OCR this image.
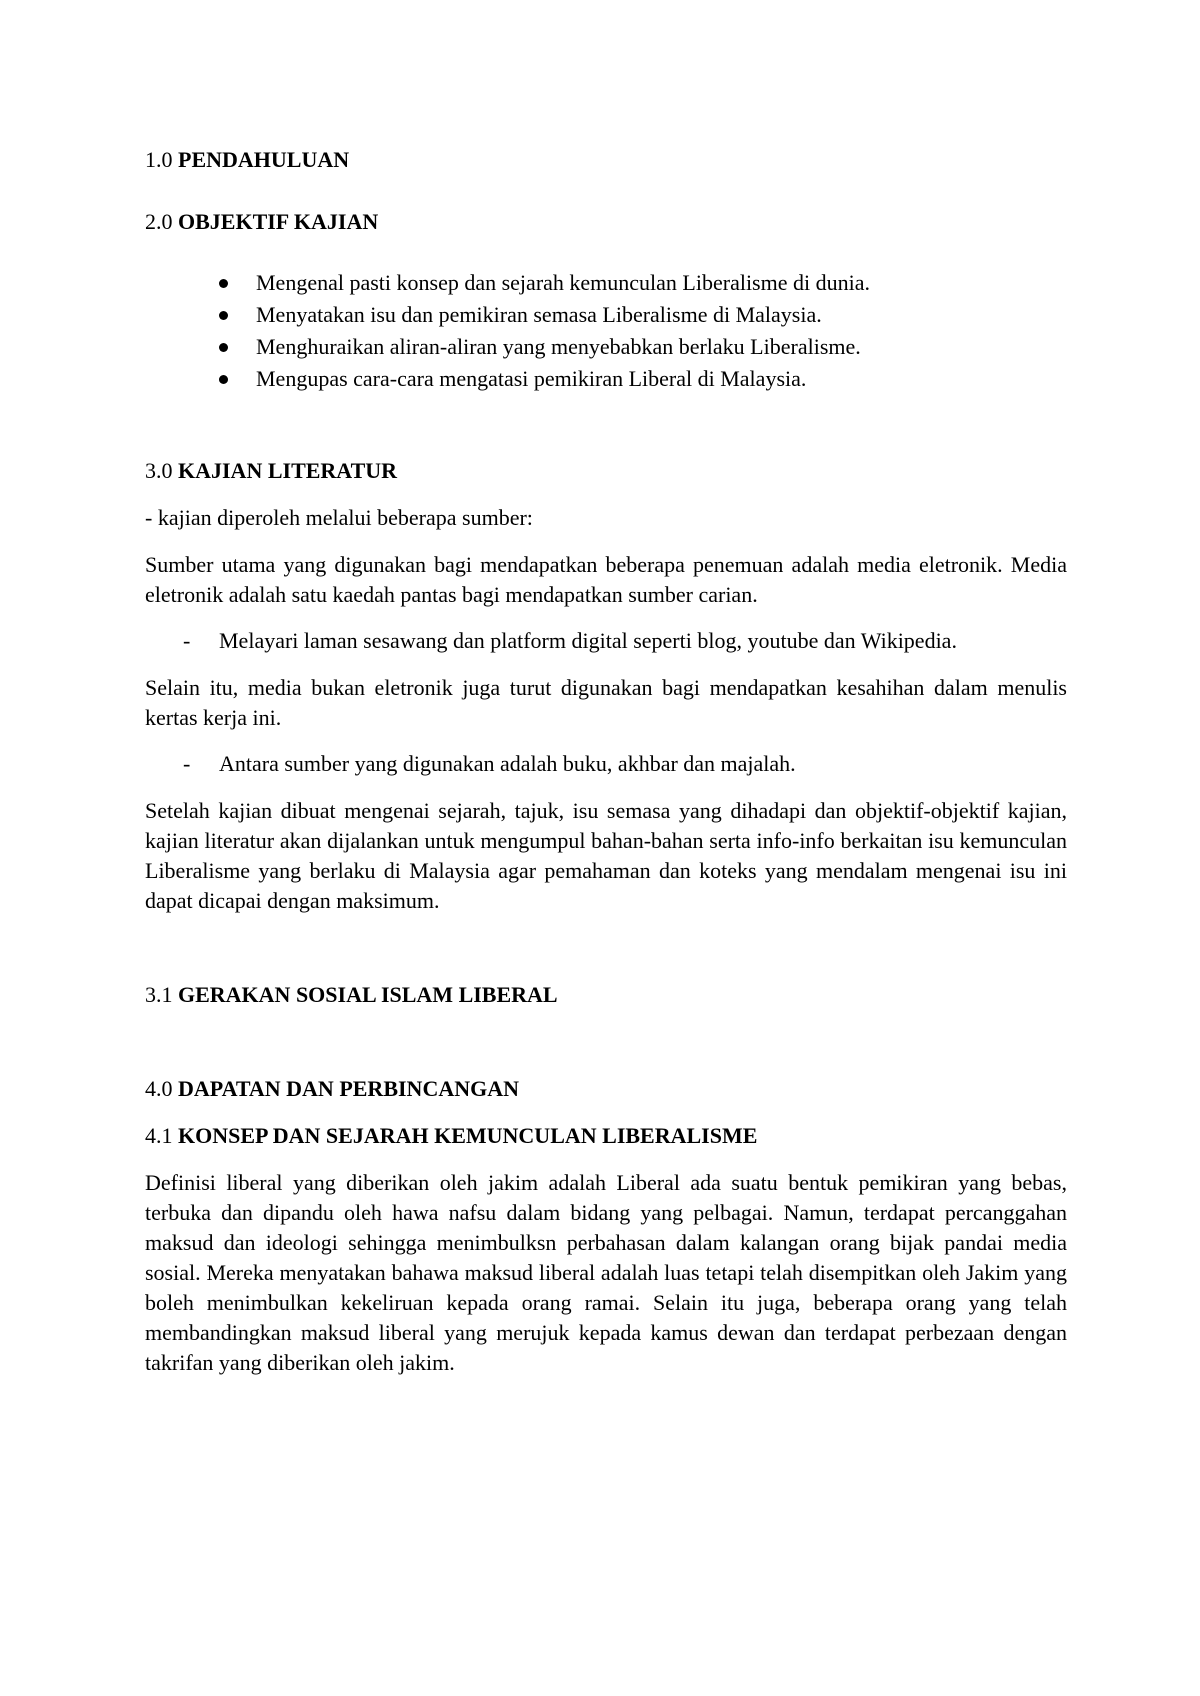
1.0 PENDAHULUAN
2.0 OBJEKTIF KAJIAN
Mengenal pasti konsep dan sejarah kemunculan Liberalisme di dunia.
Menyatakan isu dan pemikiran semasa Liberalisme di Malaysia.
Menghuraikan aliran-aliran yang menyebabkan berlaku Liberalisme.
Mengupas cara-cara mengatasi pemikiran Liberal di Malaysia.
3.0 KAJIAN LITERATUR
- kajian diperoleh melalui beberapa sumber:
Sumber utama yang digunakan bagi mendapatkan beberapa penemuan adalah media eletronik. Media eletronik adalah satu kaedah pantas bagi mendapatkan sumber carian.
- Melayari laman sesawang dan platform digital seperti blog, youtube dan Wikipedia.
Selain itu, media bukan eletronik juga turut digunakan bagi mendapatkan kesahihan dalam menulis kertas kerja ini.
- Antara sumber yang digunakan adalah buku, akhbar dan majalah.
Setelah kajian dibuat mengenai sejarah, tajuk, isu semasa yang dihadapi dan objektif-objektif kajian, kajian literatur akan dijalankan untuk mengumpul bahan-bahan serta info-info berkaitan isu kemunculan Liberalisme yang berlaku di Malaysia agar pemahaman dan koteks yang mendalam mengenai isu ini dapat dicapai dengan maksimum.
3.1 GERAKAN SOSIAL ISLAM LIBERAL
4.0 DAPATAN DAN PERBINCANGAN
4.1 KONSEP DAN SEJARAH KEMUNCULAN LIBERALISME
Definisi liberal yang diberikan oleh jakim adalah Liberal ada suatu bentuk pemikiran yang bebas, terbuka dan dipandu oleh hawa nafsu dalam bidang yang pelbagai. Namun, terdapat percanggahan maksud dan ideologi sehingga menimbulksn perbahasan dalam kalangan orang bijak pandai media sosial. Mereka menyatakan bahawa maksud liberal adalah luas tetapi telah disempitkan oleh Jakim yang boleh menimbulkan kekeliruan kepada orang ramai. Selain itu juga, beberapa orang yang telah membandingkan maksud liberal yang merujuk kepada kamus dewan dan terdapat perbezaan dengan takrifan yang diberikan oleh jakim.
